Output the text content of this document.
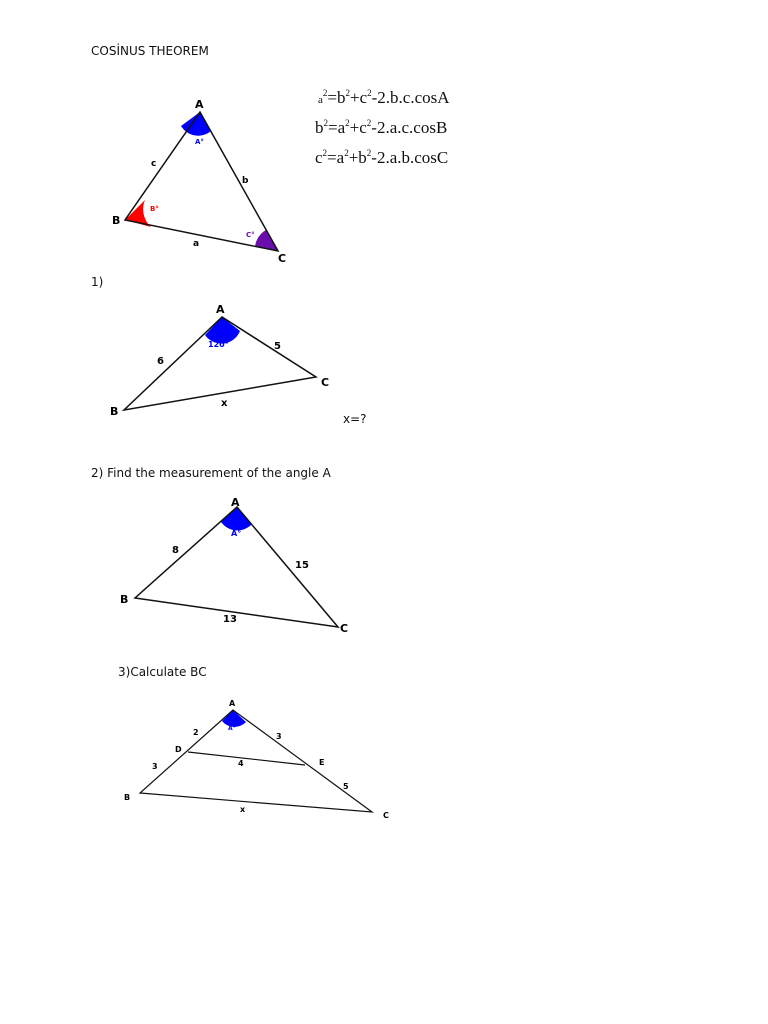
COSİNUS THEOREM
$a^2=b^2+c^2-2.b.c.\cos A$
$b^2=a^2+c^2-2.a.c.\cos B$
$c^2=a^2+b^2-2.a.b.\cos C$
1)
x=?
2) Find the measurement of the angle A
3)Calculate BC
A
B
C
c
b
a
A°
B°
C°
A
B
C
6
5
x
120°
A
B
C
8
15
13
A°
A
B
C
D
E
2
3
3
5
4
x
A°
